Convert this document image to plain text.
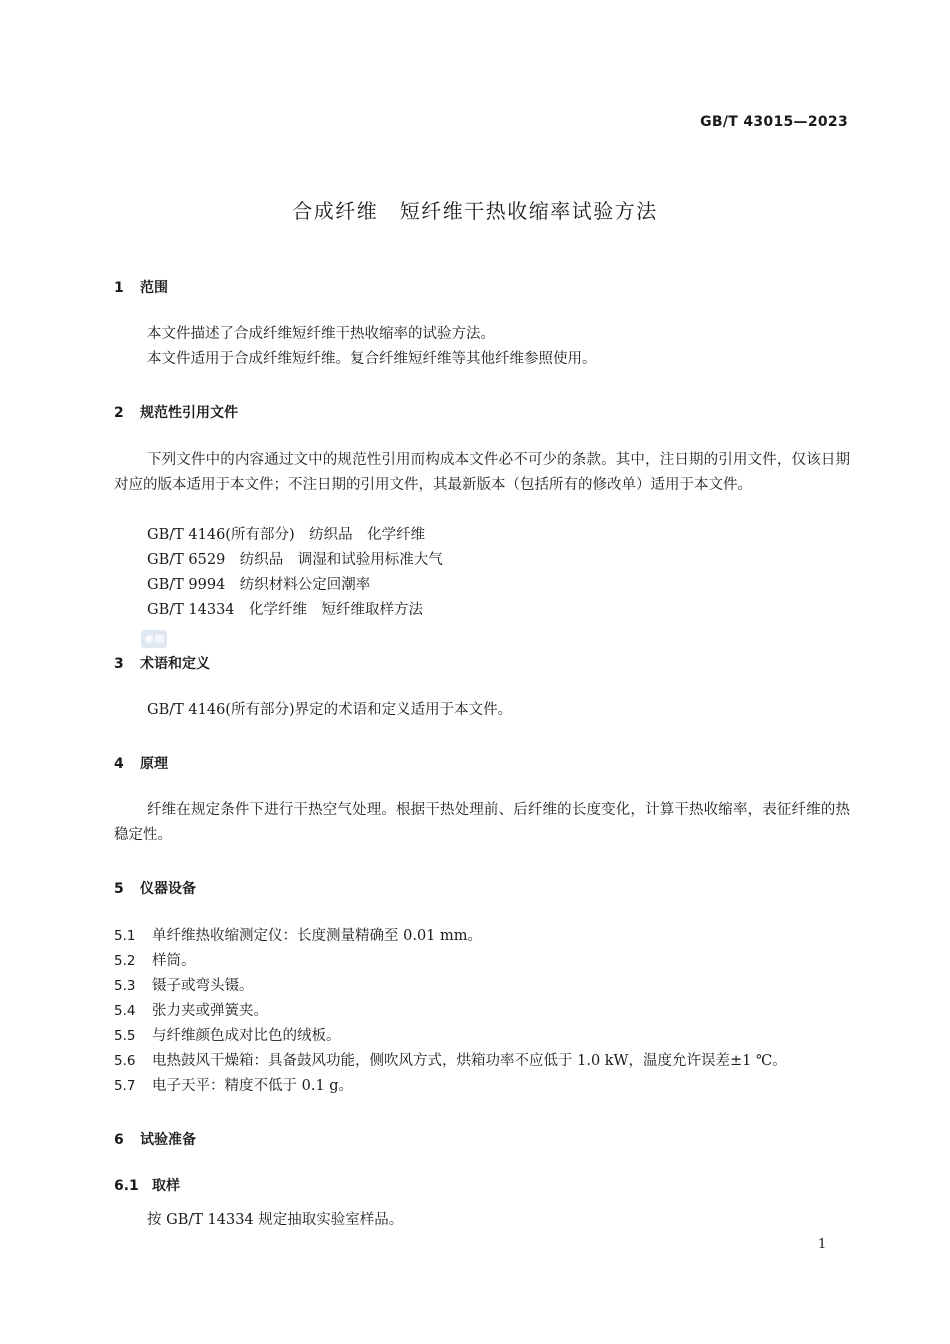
GB/T 43015—2023
合成纤维　短纤维干热收缩率试验方法
1 范围
本文件描述了合成纤维短纤维干热收缩率的试验方法。
本文件适用于合成纤维短纤维。复合纤维短纤维等其他纤维参照使用。
2 规范性引用文件
下列文件中的内容通过文中的规范性引用而构成本文件必不可少的条款。其中，注日期的引用文件，仅该日期对应的版本适用于本文件；不注日期的引用文件，其最新版本（包括所有的修改单）适用于本文件。
GB/T 4146(所有部分)　纺织品　化学纤维
GB/T 6529　纺织品　调湿和试验用标准大气
GB/T 9994　纺织材料公定回潮率
GB/T 14334　化学纤维　短纤维取样方法
3 术语和定义
GB/T 4146(所有部分)界定的术语和定义适用于本文件。
4 原理
纤维在规定条件下进行干热空气处理。根据干热处理前、后纤维的长度变化，计算干热收缩率，表征纤维的热稳定性。
5 仪器设备
5.1 单纤维热收缩测定仪：长度测量精确至 0.01 mm。
5.2 样筒。
5.3 镊子或弯头镊。
5.4 张力夹或弹簧夹。
5.5 与纤维颜色成对比色的绒板。
5.6 电热鼓风干燥箱：具备鼓风功能，侧吹风方式，烘箱功率不应低于 1.0 kW，温度允许误差±1 ℃。
5.7 电子天平：精度不低于 0.1 g。
6 试验准备
6.1 取样
按 GB/T 14334 规定抽取实验室样品。
1
